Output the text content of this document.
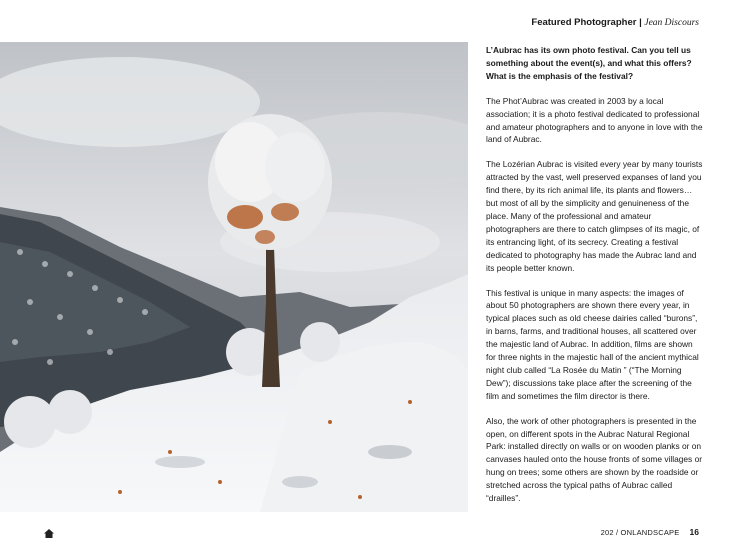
Featured Photographer | Jean Discours

L’Aubrac has its own photo festival. Can you tell us something about the event(s), and what this offers? What is the emphasis of the festival?

The Phot’Aubrac was created in 2003 by a local association; it is a photo festival dedicated to professional and amateur photographers and to anyone in love with the land of Aubrac.

The Lozérian Aubrac is visited every year by many tourists attracted by the vast, well preserved expanses of land you find there, by its rich animal life, its plants and flowers… but most of all by the simplicity and genuineness of the place. Many of the professional and amateur photographers are there to catch glimpses of its magic, of its entrancing light, of its secrecy. Creating a festival dedicated to photography has made the Aubrac land and its people better known.

This festival is unique in many aspects: the images of about 50 photographers are shown there every year, in typical places such as old cheese dairies called “burons”, in barns, farms, and traditional houses, all scattered over the majestic land of Aubrac. In addition, films are shown for three nights in the majestic hall of the ancient mythical night club called “La Rosée du Matin ” (“The Morning Dew”); discussions take place after the screening of the film and sometimes the film director is there.

Also, the work of other photographers is presented in the open, on different spots in the Aubrac Natural Regional Park: installed directly on walls or on wooden planks or on canvases hauled onto the house fronts of some villages or hung on trees; some others are shown by the roadside or stretched across the typical paths of Aubrac called “drailles”.

202 / ONLANDSCAPE 16
